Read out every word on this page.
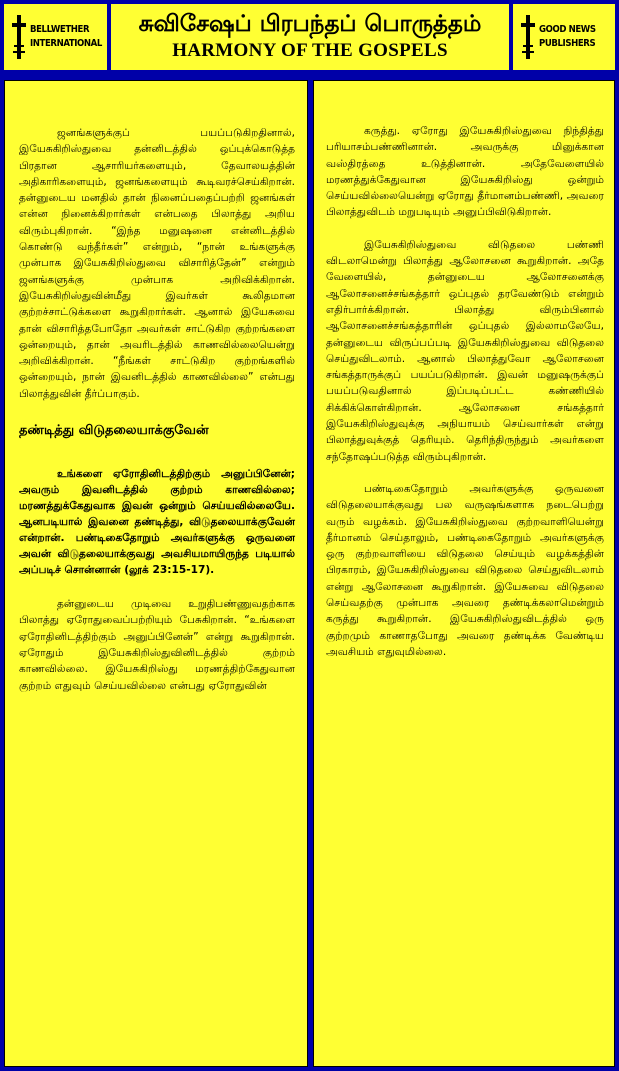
BELLWETHER
INTERNATIONAL
சுவிசேஷப் பிரபந்தப் பொருத்தம்
HARMONY OF THE GOSPELS
GOOD NEWS
PUBLISHERS

ஜனங்களுக்குப் பயப்படுகிறதினால், இயேசுகிறிஸ்துவை தன்னிடத்தில் ஒப்புக்கொடுத்த பிரதான ஆசாரியர்களையும், தேவாலயத்தின் அதிகாரிகளையும், ஜனங்களையும் கூடிவரச்செய்கிறான். தன்னுடைய மனதில் தான் நினைப்பதைப்பற்றி ஜனங்கள் என்ன நினைக்கிறார்கள் என்பதை பிலாத்து அறிய விரும்புகிறான். “இந்த மனுஷனை என்னிடத்தில் கொண்டு வந்தீர்கள்” என்றும், “நான் உங்களுக்கு முன்பாக இயேசுகிறிஸ்துவை விசாரித்தேன்” என்றும் ஜனங்களுக்கு முன்பாக அறிவிக்கிறான். இயேசுகிறிஸ்துவின்மீது இவர்கள் கூலிதமான குற்றச்சாட்டுக்களை கூறுகிறார்கள். ஆனால் இயேசுவை தான் விசாரித்தபோதோ அவர்கள் சாட்டுகிற குற்றங்களை ஒன்றையும், தான் அவரிடத்தில் காணவில்லையென்று அறிவிக்கிறான். “நீங்கள் சாட்டுகிற குற்றங்களில் ஒன்றையும், நான் இவனிடத்தில் காணவில்லை” என்பது பிலாத்துவின் தீர்ப்பாகும்.

தண்டித்து விடுதலையாக்குவேன்

உங்களை ஏரோதினிடத்திற்கும் அனுப்பினேன்; அவரும் இவனிடத்தில் குற்றம் காணவில்லை; மரணத்துக்கேதுவாக இவன் ஒன்றும் செய்யவில்லையே. ஆனபடியால் இவனை தண்டித்து, விடுதலையாக்குவேன் என்றான். பண்டிகைதோறும் அவர்களுக்கு ஒருவனை அவன் விடுதலையாக்குவது அவசியமாயிருந்த படியால் அப்படிச் சொன்னான் (லூக் 23:15-17).

தன்னுடைய முடிவை உறுதிபண்ணுவதற்காக பிலாத்து ஏரோதுவைப்பற்றியும் பேசுகிறான். “உங்களை ஏரோதினிடத்திற்கும் அனுப்பினேன்” என்று கூறுகிறான். ஏரோதும் இயேசுகிறிஸ்துவினிடத்தில் குற்றம் காணவில்லை. இயேசுகிறிஸ்து மரணத்திற்கேதுவான குற்றம் எதுவும் செய்யவில்லை என்பது ஏரோதுவின்

கருத்து. ஏரோது இயேசுகிறிஸ்துவை நிந்தித்து பரியாசம்பண்ணினான். அவருக்கு மினுக்கான வஸ்திரத்தை உடுத்தினான். அதேவேளையில் மரணத்துக்கேதுவான இயேசுகிறிஸ்து ஒன்றும் செய்யவில்லையென்று ஏரோது தீர்மானம்பண்ணி, அவரை பிலாத்துவிடம் மறுபடியும் அனுப்பிவிடுகிறான்.

இயேசுகிறிஸ்துவை விடுதலை பண்ணி விடலாமென்று பிலாத்து ஆலோசனை கூறுகிறான். அதே வேளையில், தன்னுடைய ஆலோசனைக்கு ஆலோசனைச்சங்கத்தார் ஒப்புதல் தரவேண்டும் என்றும் எதிர்பார்க்கிறான். பிலாத்து விரும்பினால் ஆலோசனைச்சங்கத்தாரின் ஒப்புதல் இல்லாமலேயே, தன்னுடைய விருப்பப்படி இயேசுகிறிஸ்துவை விடுதலை செய்துவிடலாம். ஆனால் பிலாத்துவோ ஆலோசனை சங்கத்தாருக்குப் பயப்படுகிறான். இவன் மனுஷருக்குப் பயப்படுவதினால் இப்படிப்பட்ட கண்ணியில் சிக்கிக்கொள்கிறான். ஆலோசனை சங்கத்தார் இயேசுகிறிஸ்துவுக்கு அநியாயம் செய்வார்கள் என்று பிலாத்துவுக்குத் தெரியும். தெரிந்திருந்தும் அவர்களை சந்தோஷப்படுத்த விரும்புகிறான்.

பண்டிகைதோறும் அவர்களுக்கு ஒருவனை விடுதலையாக்குவது பல வருஷங்களாக நடைபெற்று வரும் வழக்கம். இயேசுகிறிஸ்துவை குற்றவாளியென்று தீர்மானம் செய்தாலும், பண்டிகைதோறும் அவர்களுக்கு ஒரு குற்றவாளியை விடுதலை செய்யும் வழக்கத்தின் பிரகாரம், இயேசுகிறிஸ்துவை விடுதலை செய்துவிடலாம் என்று ஆலோசனை கூறுகிறான். இயேசுவை விடுதலை செய்வதற்கு முன்பாக அவரை தண்டிக்கலாமென்றும் கருத்து கூறுகிறான். இயேசுகிறிஸ்துவிடத்தில் ஒரு குற்றமும் காணாதபோது அவரை தண்டிக்க வேண்டிய அவசியம் எதுவுமில்லை.
